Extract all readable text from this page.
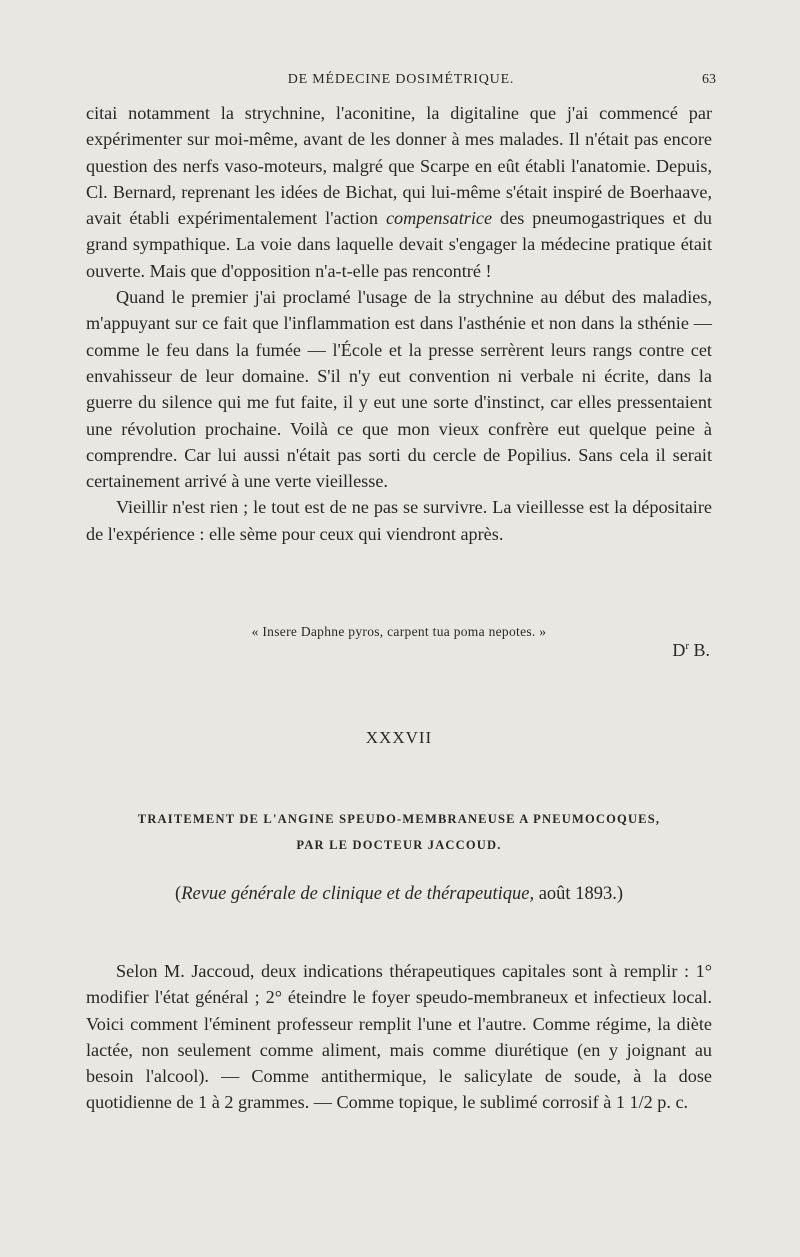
DE MÉDECINE DOSIMÉTRIQUE.	63

citai notamment la strychnine, l'aconitine, la digitaline que j'ai commencé par expérimenter sur moi-même, avant de les donner à mes malades. Il n'était pas encore question des nerfs vaso-moteurs, malgré que Scarpe en eût établi l'anatomie. Depuis, Cl. Bernard, reprenant les idées de Bichat, qui lui-même s'était inspiré de Boerhaave, avait établi expérimentalement l'action compensatrice des pneumogastriques et du grand sympathique. La voie dans laquelle devait s'engager la médecine pratique était ouverte. Mais que d'opposition n'a-t-elle pas rencontré !

Quand le premier j'ai proclamé l'usage de la strychnine au début des maladies, m'appuyant sur ce fait que l'inflammation est dans l'asthénie et non dans la sthénie — comme le feu dans la fumée — l'École et la presse serrèrent leurs rangs contre cet envahisseur de leur domaine. S'il n'y eut convention ni verbale ni écrite, dans la guerre du silence qui me fut faite, il y eut une sorte d'instinct, car elles pressentaient une révolution prochaine. Voilà ce que mon vieux confrère eut quelque peine à comprendre. Car lui aussi n'était pas sorti du cercle de Popilius. Sans cela il serait certainement arrivé à une verte vieillesse.

Vieillir n'est rien ; le tout est de ne pas se survivre. La vieillesse est la dépositaire de l'expérience : elle sème pour ceux qui viendront après.

« Insere Daphne pyros, carpent tua poma nepotes. »
$D^r$ B.
XXXVII
TRAITEMENT DE L'ANGINE SPEUDO-MEMBRANEUSE A PNEUMOCOQUES,
PAR LE DOCTEUR JACCOUD.
(Revue générale de clinique et de thérapeutique, août 1893.)

Selon M. Jaccoud, deux indications thérapeutiques capitales sont à remplir : 1° modifier l'état général ; 2° éteindre le foyer speudo-membraneux et infectieux local. Voici comment l'éminent professeur remplit l'une et l'autre. Comme régime, la diète lactée, non seulement comme aliment, mais comme diurétique (en y joignant au besoin l'alcool). — Comme antithermique, le salicylate de soude, à la dose quotidienne de 1 à 2 grammes. — Comme topique, le sublimé corrosif à 1 1/2 p. c.
